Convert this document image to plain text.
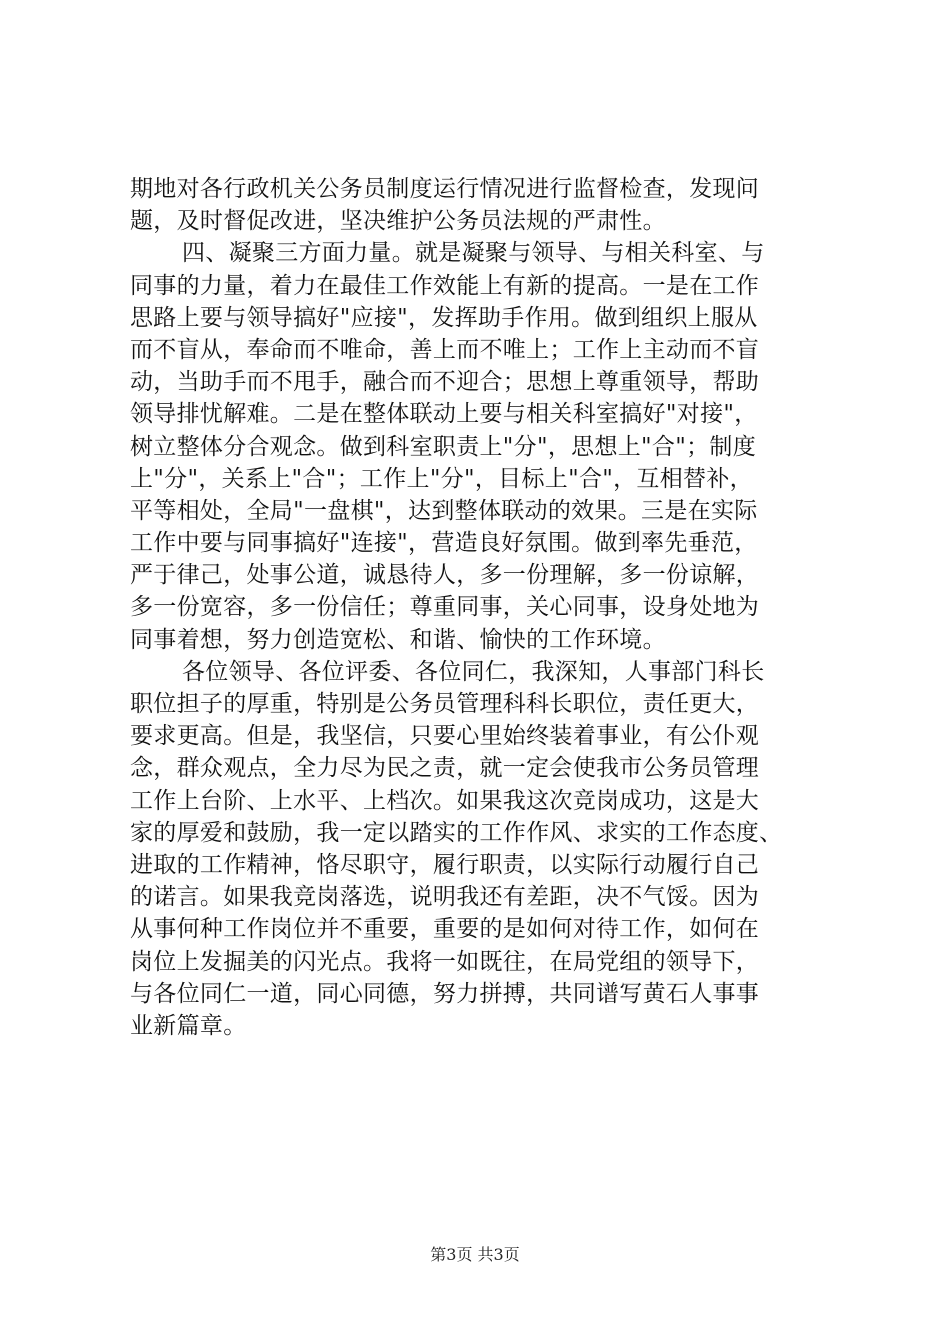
期地对各行政机关公务员制度运行情况进行监督检查，发现问
题，及时督促改进，坚决维护公务员法规的严肃性。
四、凝聚三方面力量。就是凝聚与领导、与相关科室、与
同事的力量，着力在最佳工作效能上有新的提高。一是在工作
思路上要与领导搞好"应接"，发挥助手作用。做到组织上服从
而不盲从，奉命而不唯命，善上而不唯上；工作上主动而不盲
动，当助手而不甩手，融合而不迎合；思想上尊重领导，帮助
领导排忧解难。二是在整体联动上要与相关科室搞好"对接"，
树立整体分合观念。做到科室职责上"分"，思想上"合"；制度
上"分"，关系上"合"；工作上"分"，目标上"合"，互相替补，
平等相处，全局"一盘棋"，达到整体联动的效果。三是在实际
工作中要与同事搞好"连接"，营造良好氛围。做到率先垂范，
严于律己，处事公道，诚恳待人，多一份理解，多一份谅解，
多一份宽容，多一份信任；尊重同事，关心同事，设身处地为
同事着想，努力创造宽松、和谐、愉快的工作环境。
各位领导、各位评委、各位同仁，我深知，人事部门科长
职位担子的厚重，特别是公务员管理科科长职位，责任更大，
要求更高。但是，我坚信，只要心里始终装着事业，有公仆观
念，群众观点，全力尽为民之责，就一定会使我市公务员管理
工作上台阶、上水平、上档次。如果我这次竞岗成功，这是大
家的厚爱和鼓励，我一定以踏实的工作作风、求实的工作态度、
进取的工作精神，恪尽职守，履行职责，以实际行动履行自己
的诺言。如果我竞岗落选，说明我还有差距，决不气馁。因为
从事何种工作岗位并不重要，重要的是如何对待工作，如何在
岗位上发掘美的闪光点。我将一如既往，在局党组的领导下，
与各位同仁一道，同心同德，努力拼搏，共同谱写黄石人事事
业新篇章。
第3页 共3页
